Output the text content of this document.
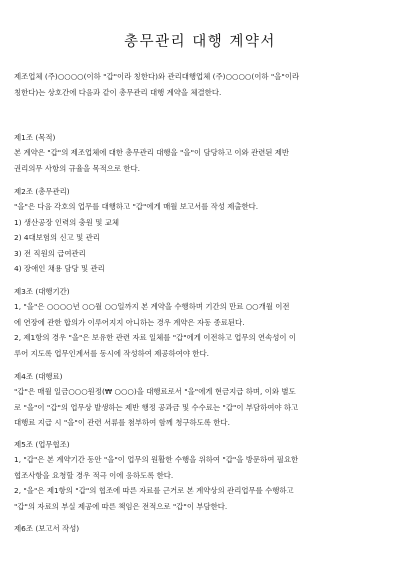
총무관리 대행 계약서
제조업체 (주)○○○○(이하 "갑"이라 칭한다)와 관리대행업체 (주)○○○○(이하 "을"이라
칭한다)는 상호간에 다음과 같이 총무관리 대행 계약을 체결한다.
제1조 (목적)
본 계약은 "갑"의 제조업체에 대한 총무관리 대행을 "을"이 담당하고 이와 관련된 제반
권리의무 사항의 규율을 목적으로 한다.
제2조 (총무관리)
"을"은 다음 각호의 업무를 대행하고 "갑"에게 매월 보고서를 작성 제출한다.
1) 생산공장 인력의 충원 및 교체
2) 4대보험의 신고 및 관리
3) 전 직원의 급여관리
4) 장애인 채용 담당 및 관리
제3조 (대행기간)
1, "을"은 ○○○○년 ○○월 ○○일까지 본 계약을 수행하며 기간의 만료 ○○개월 이전
에 연장에 관한 합의가 이루어지지 아니하는 경우 계약은 자동 종료된다.
2, 제1항의 경우 "을"은 보유한 관련 자료 일체를 "갑"에게 이전하고 업무의 연속성이 이
루어 지도록 업무인계서를 동시에 작성하여 제공하여야 한다.
제4조 (대행료)
"갑"은 매월 일금○○○원정(₩ ○○○)을 대행료로서 "을"에게 현금지급 하며, 이와 별도
로 "을"이 "갑"의 업무상 발생하는 제반 행정 공과금 및 수수료는 "갑"이 부담하여야 하고
대행료 지급 시 "을"이 관련 서류를 첨부하여 함께 청구하도록 한다.
제5조 (업무협조)
1, "갑"은 본 계약기간 동안 "을"이 업무의 원활한 수행을 위하여 "갑"을 방문하여 필요한
협조사항을 요청할 경우 적극 이에 응하도록 한다.
2, "을"은 제1항의 "갑"의 협조에 따른 자료를 근거로 본 계약상의 관리업무를 수행하고
"갑"의 자료의 부실 제공에 따른 책임은 전적으로 "갑"이 부담한다.
제6조 (보고서 작성)
